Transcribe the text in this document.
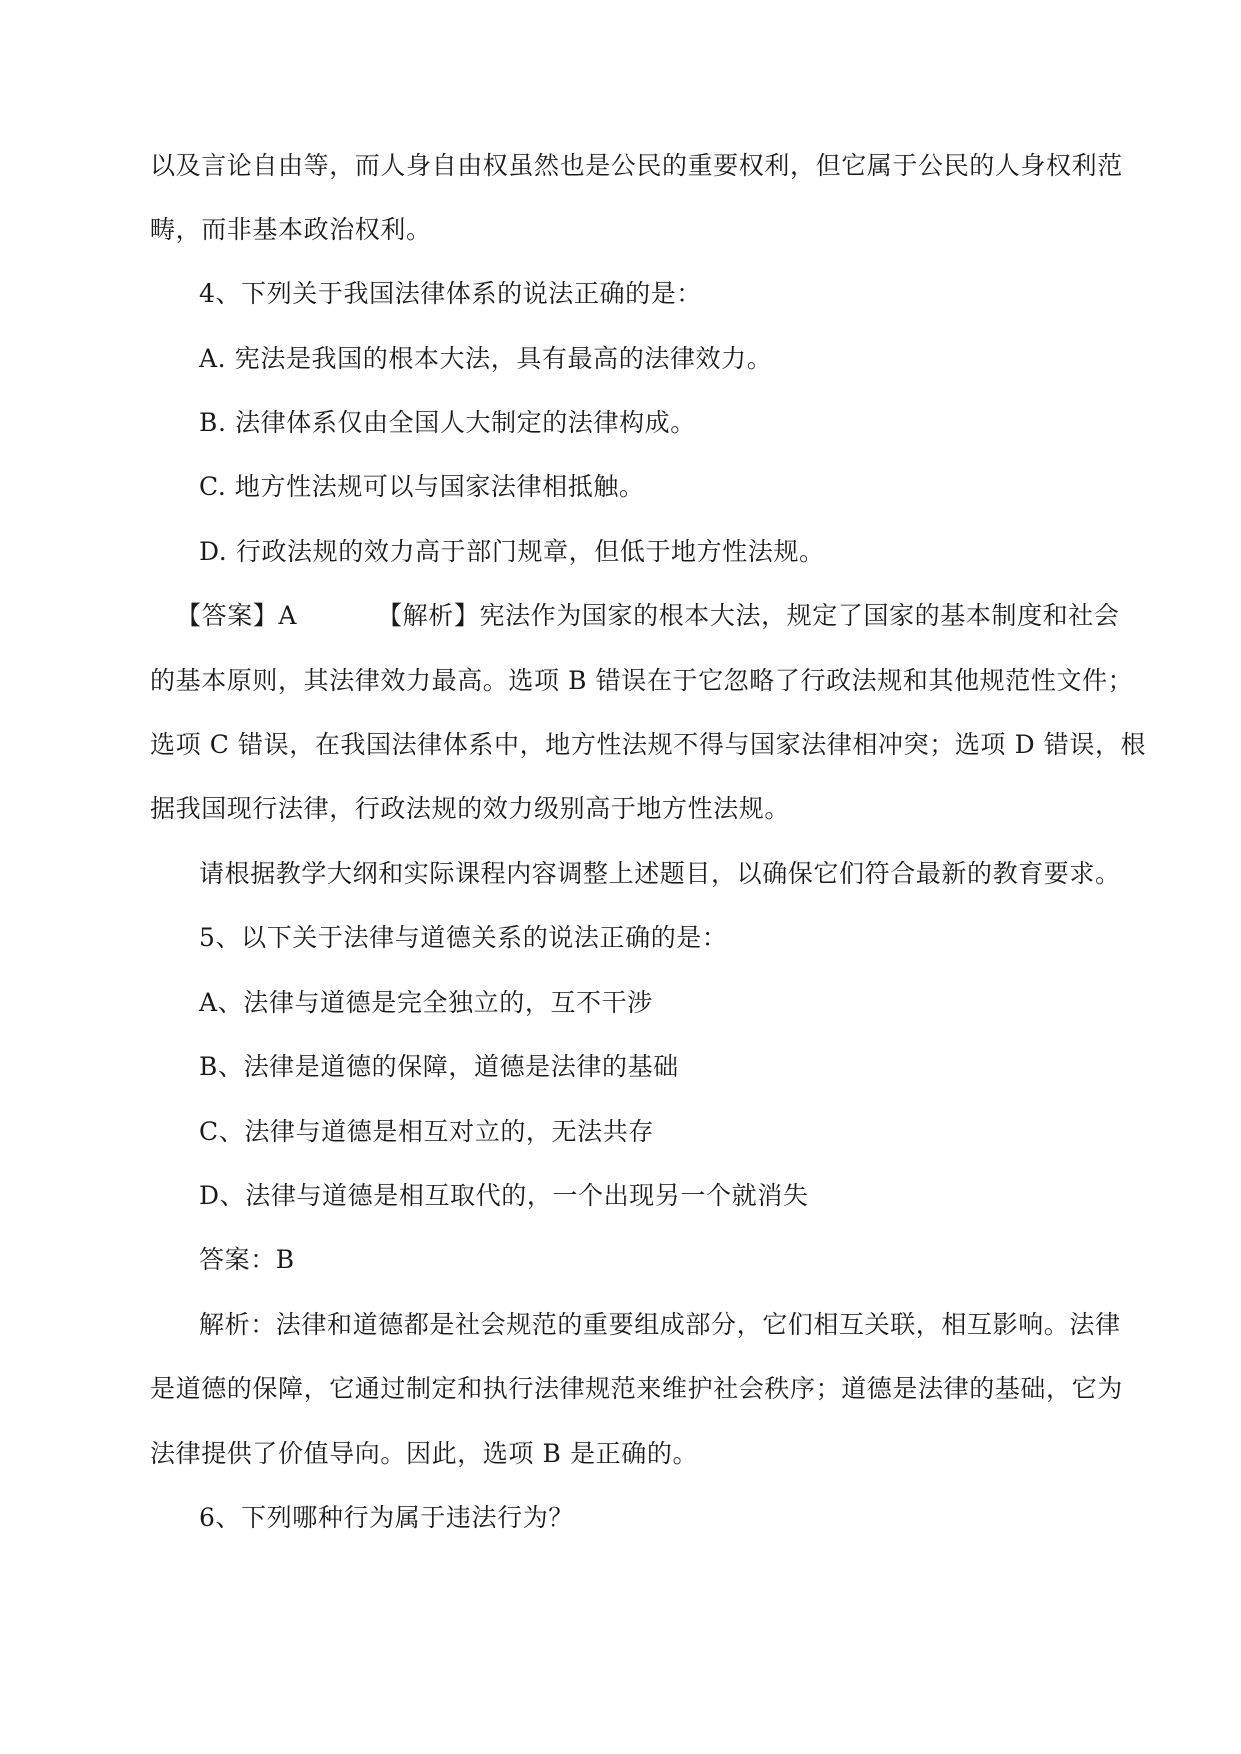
以及言论自由等，而人身自由权虽然也是公民的重要权利，但它属于公民的人身权利范
畴，而非基本政治权利。
4、下列关于我国法律体系的说法正确的是：
A. 宪法是我国的根本大法，具有最高的法律效力。
B. 法律体系仅由全国人大制定的法律构成。
C. 地方性法规可以与国家法律相抵触。
D. 行政法规的效力高于部门规章，但低于地方性法规。
【答案】A	【解析】宪法作为国家的根本大法，规定了国家的基本制度和社会
的基本原则，其法律效力最高。选项 B 错误在于它忽略了行政法规和其他规范性文件；
选项 C 错误，在我国法律体系中，地方性法规不得与国家法律相冲突；选项 D 错误，根
据我国现行法律，行政法规的效力级别高于地方性法规。
请根据教学大纲和实际课程内容调整上述题目，以确保它们符合最新的教育要求。
5、以下关于法律与道德关系的说法正确的是：
A、法律与道德是完全独立的，互不干涉
B、法律是道德的保障，道德是法律的基础
C、法律与道德是相互对立的，无法共存
D、法律与道德是相互取代的，一个出现另一个就消失
答案：B
解析：法律和道德都是社会规范的重要组成部分，它们相互关联，相互影响。法律
是道德的保障，它通过制定和执行法律规范来维护社会秩序；道德是法律的基础，它为
法律提供了价值导向。因此，选项 B 是正确的。
6、下列哪种行为属于违法行为？
